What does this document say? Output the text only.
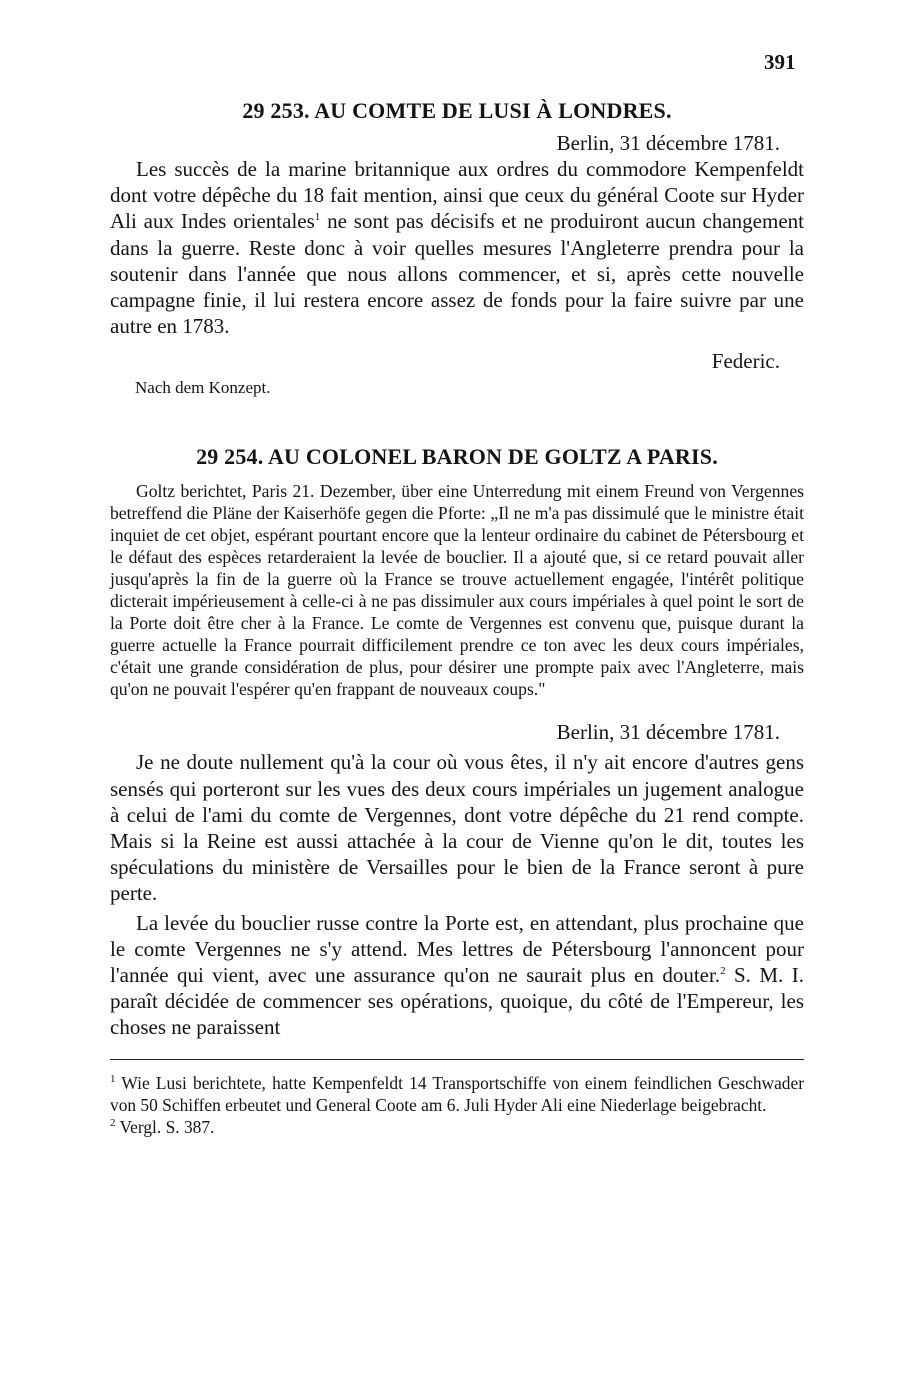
391
29 253. AU COMTE DE LUSI À LONDRES.
Berlin, 31 décembre 1781.

Les succès de la marine britannique aux ordres du commodore Kempenfeldt dont votre dépêche du 18 fait mention, ainsi que ceux du général Coote sur Hyder Ali aux Indes orientales$^1$ ne sont pas décisifs et ne produiront aucun changement dans la guerre. Reste donc à voir quelles mesures l'Angleterre prendra pour la soutenir dans l'année que nous allons commencer, et si, après cette nouvelle campagne finie, il lui restera encore assez de fonds pour la faire suivre par une autre en 1783.

Federic.
Nach dem Konzept.
29 254. AU COLONEL BARON DE GOLTZ A PARIS.

Goltz berichtet, Paris 21. Dezember, über eine Unterredung mit einem Freund von Vergennes betreffend die Pläne der Kaiserhöfe gegen die Pforte: „Il ne m'a pas dissimulé que le ministre était inquiet de cet objet, espérant pourtant encore que la lenteur ordinaire du cabinet de Pétersbourg et le défaut des espèces retarderaient la levée de bouclier. Il a ajouté que, si ce retard pouvait aller jusqu'après la fin de la guerre où la France se trouve actuellement engagée, l'intérêt politique dicterait impérieusement à celle-ci à ne pas dissimuler aux cours impériales à quel point le sort de la Porte doit être cher à la France. Le comte de Vergennes est convenu que, puisque durant la guerre actuelle la France pourrait difficilement prendre ce ton avec les deux cours impériales, c'était une grande considération de plus, pour désirer une prompte paix avec l'Angleterre, mais qu'on ne pouvait l'espérer qu'en frappant de nouveaux coups."

Berlin, 31 décembre 1781.

Je ne doute nullement qu'à la cour où vous êtes, il n'y ait encore d'autres gens sensés qui porteront sur les vues des deux cours impériales un jugement analogue à celui de l'ami du comte de Vergennes, dont votre dépêche du 21 rend compte. Mais si la Reine est aussi attachée à la cour de Vienne qu'on le dit, toutes les spéculations du ministère de Versailles pour le bien de la France seront à pure perte.

La levée du bouclier russe contre la Porte est, en attendant, plus prochaine que le comte Vergennes ne s'y attend. Mes lettres de Pétersbourg l'annoncent pour l'année qui vient, avec une assurance qu'on ne saurait plus en douter.$^2$ S. M. I. paraît décidée de commencer ses opérations, quoique, du côté de l'Empereur, les choses ne paraissent

$^1$ Wie Lusi berichtete, hatte Kempenfeldt 14 Transportschiffe von einem feindlichen Geschwader von 50 Schiffen erbeutet und General Coote am 6. Juli Hyder Ali eine Niederlage beigebracht.

$^2$ Vergl. S. 387.
